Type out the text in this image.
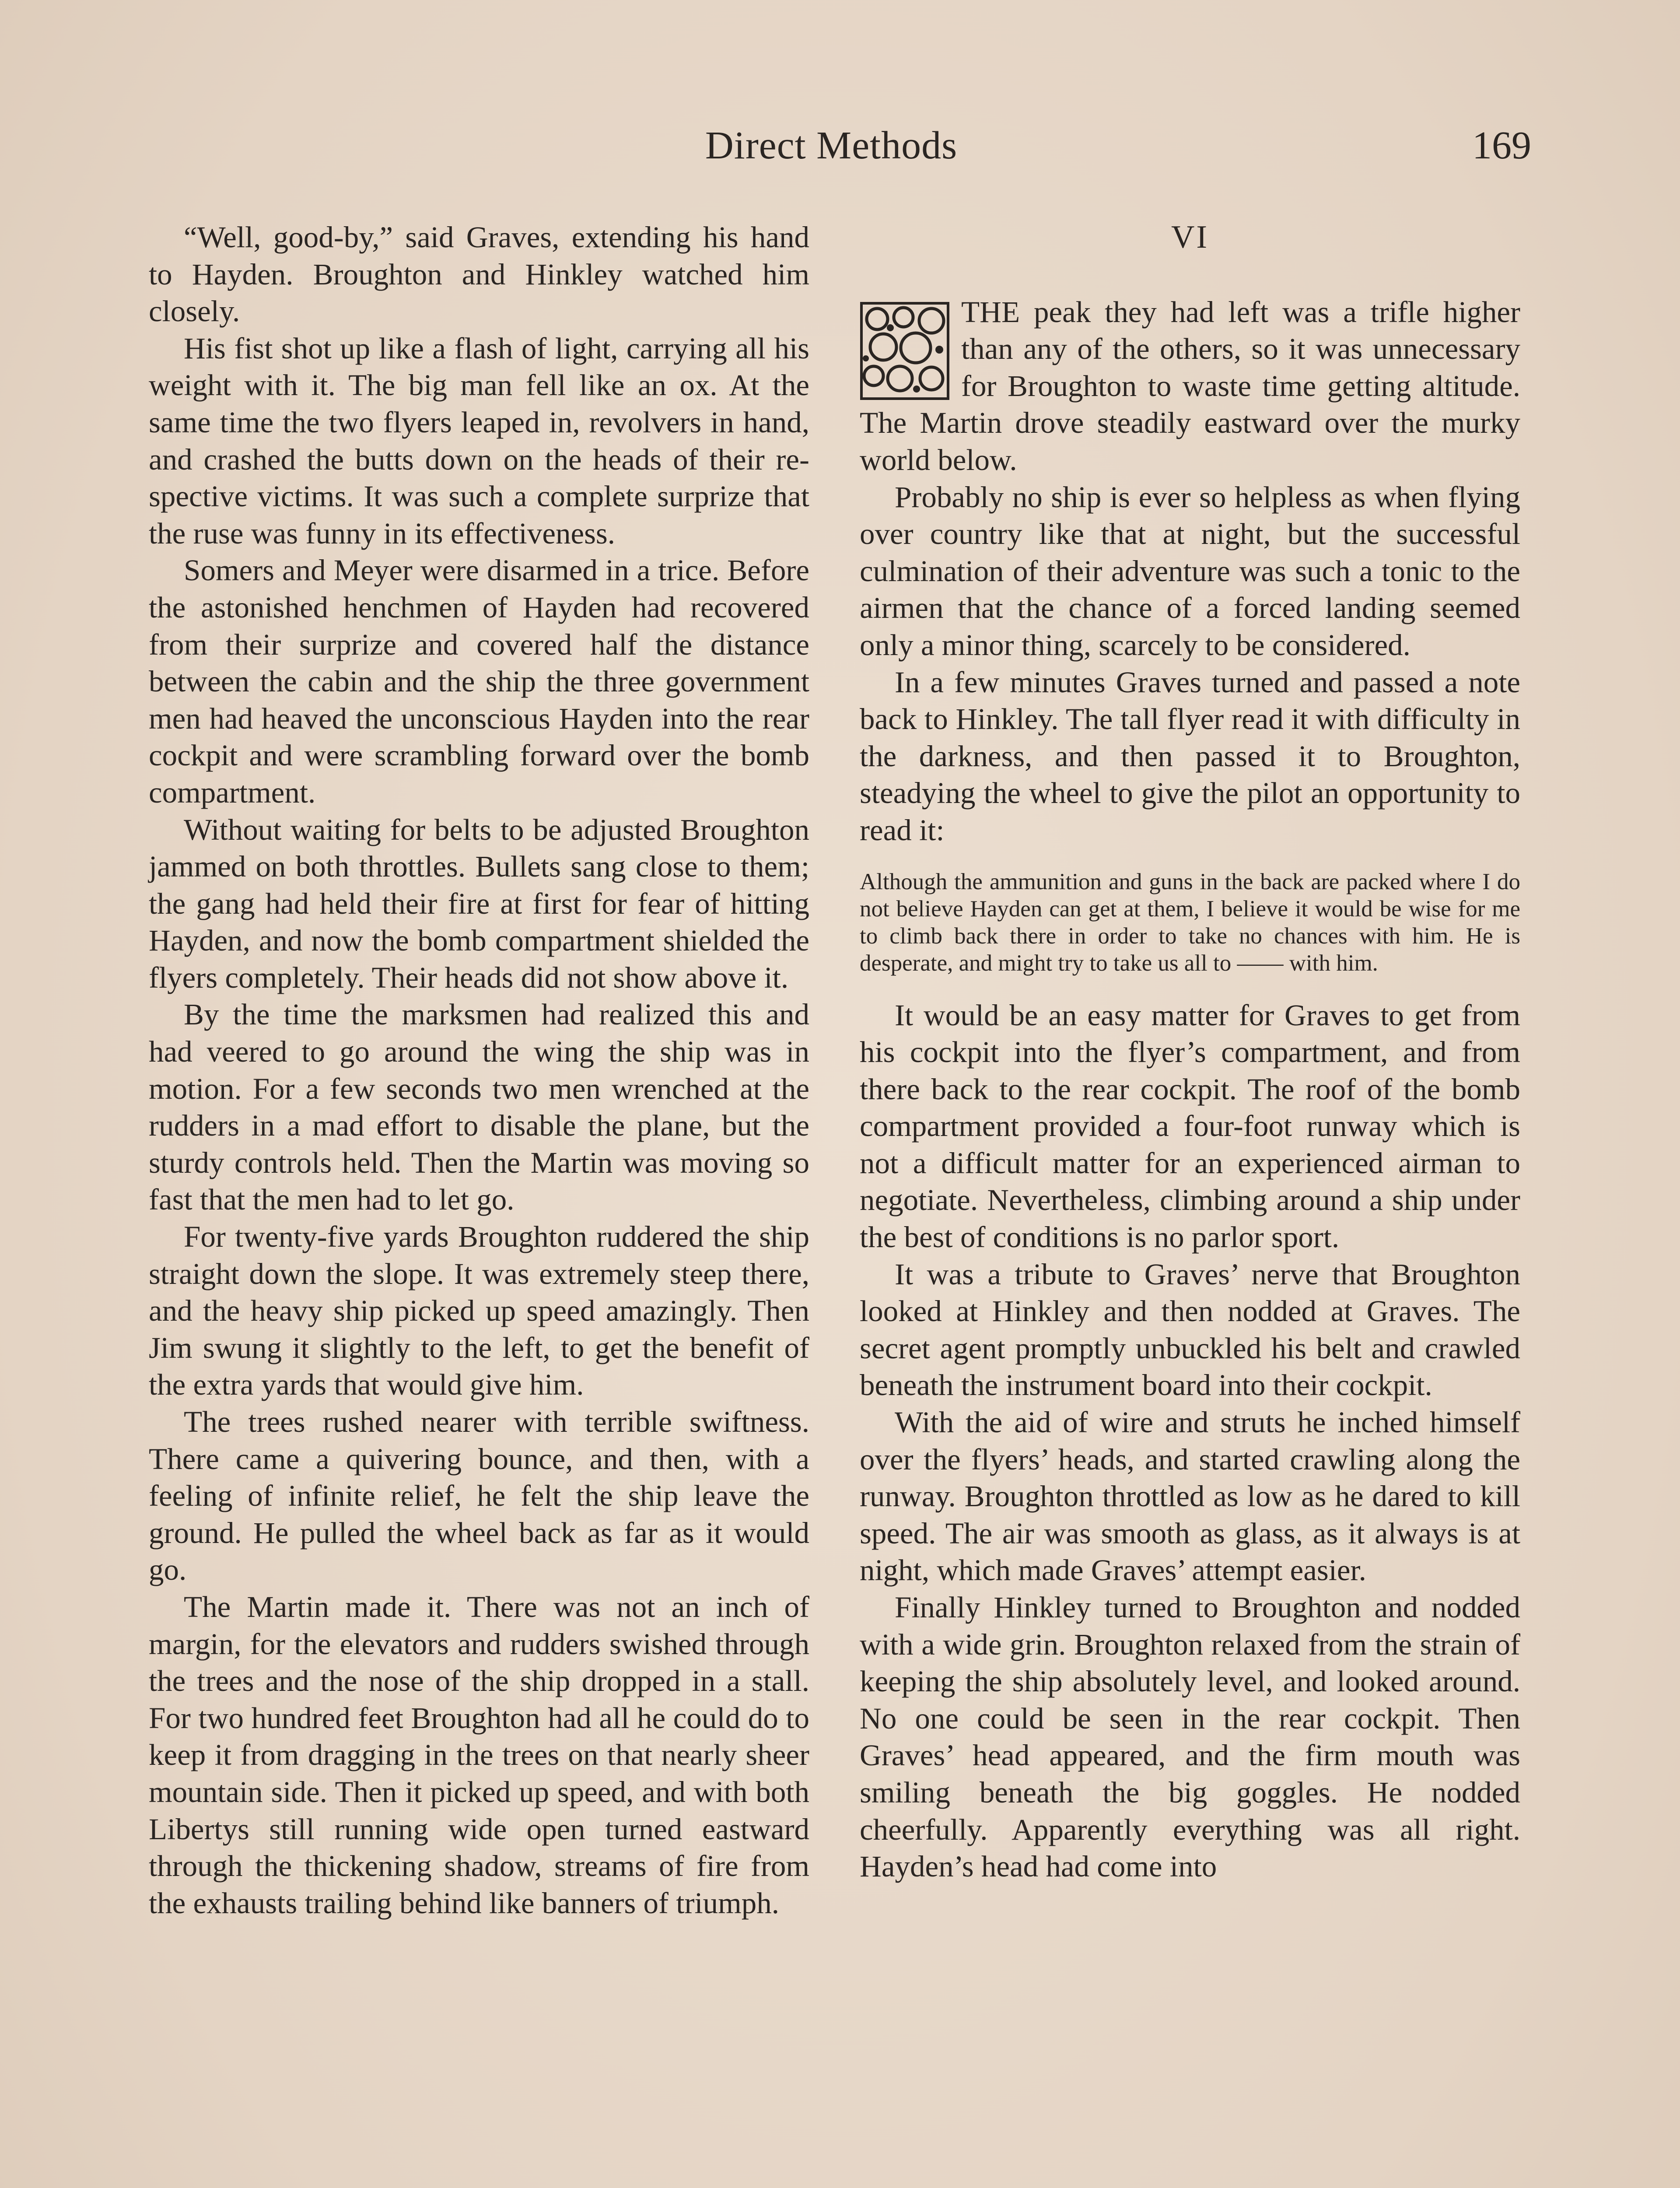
Direct Methods	169

“Well, good-by,” said Graves, extending his hand to Hayden. Broughton and Hinkley watched him closely.

His fist shot up like a flash of light, carrying all his weight with it. The big man fell like an ox. At the same time the two flyers leaped in, revolvers in hand, and crashed the butts down on the heads of their respective victims. It was such a complete surprize that the ruse was funny in its effectiveness.

Somers and Meyer were disarmed in a trice. Before the astonished henchmen of Hayden had recovered from their surprize and covered half the distance between the cabin and the ship the three government men had heaved the unconscious Hayden into the rear cockpit and were scrambling forward over the bomb compartment.

Without waiting for belts to be adjusted Broughton jammed on both throttles. Bullets sang close to them; the gang had held their fire at first for fear of hitting Hayden, and now the bomb compartment shielded the flyers completely. Their heads did not show above it.

By the time the marksmen had realized this and had veered to go around the wing the ship was in motion. For a few seconds two men wrenched at the rudders in a mad effort to disable the plane, but the sturdy controls held. Then the Martin was moving so fast that the men had to let go.

For twenty-five yards Broughton ruddered the ship straight down the slope. It was extremely steep there, and the heavy ship picked up speed amazingly. Then Jim swung it slightly to the left, to get the benefit of the extra yards that would give him.

The trees rushed nearer with terrible swiftness. There came a quivering bounce, and then, with a feeling of infinite relief, he felt the ship leave the ground. He pulled the wheel back as far as it would go.

The Martin made it. There was not an inch of margin, for the elevators and rudders swished through the trees and the nose of the ship dropped in a stall. For two hundred feet Broughton had all he could do to keep it from dragging in the trees on that nearly sheer mountain side. Then it picked up speed, and with both Libertys still running wide open turned eastward through the thickening shadow, streams of fire from the exhausts trailing behind like banners of triumph.

VI

THE peak they had left was a trifle higher than any of the others, so it was unnecessary for Broughton to waste time getting altitude. The Martin drove steadily eastward over the murky world below.

Probably no ship is ever so helpless as when flying over country like that at night, but the successful culmination of their adventure was such a tonic to the airmen that the chance of a forced landing seemed only a minor thing, scarcely to be considered.

In a few minutes Graves turned and passed a note back to Hinkley. The tall flyer read it with difficulty in the darkness, and then passed it to Broughton, steadying the wheel to give the pilot an opportunity to read it:

Although the ammunition and guns in the back are packed where I do not believe Hayden can get at them, I believe it would be wise for me to climb back there in order to take no chances with him. He is desperate, and might try to take us all to —— with him.

It would be an easy matter for Graves to get from his cockpit into the flyer’s compartment, and from there back to the rear cockpit. The roof of the bomb compartment provided a four-foot runway which is not a difficult matter for an experienced airman to negotiate. Nevertheless, climbing around a ship under the best of conditions is no parlor sport.

It was a tribute to Graves’ nerve that Broughton looked at Hinkley and then nodded at Graves. The secret agent promptly unbuckled his belt and crawled beneath the instrument board into their cockpit.

With the aid of wire and struts he inched himself over the flyers’ heads, and started crawling along the runway. Broughton throttled as low as he dared to kill speed. The air was smooth as glass, as it always is at night, which made Graves’ attempt easier.

Finally Hinkley turned to Broughton and nodded with a wide grin. Broughton relaxed from the strain of keeping the ship absolutely level, and looked around. No one could be seen in the rear cockpit. Then Graves’ head appeared, and the firm mouth was smiling beneath the big goggles. He nodded cheerfully. Apparently everything was all right. Hayden’s head had come into
